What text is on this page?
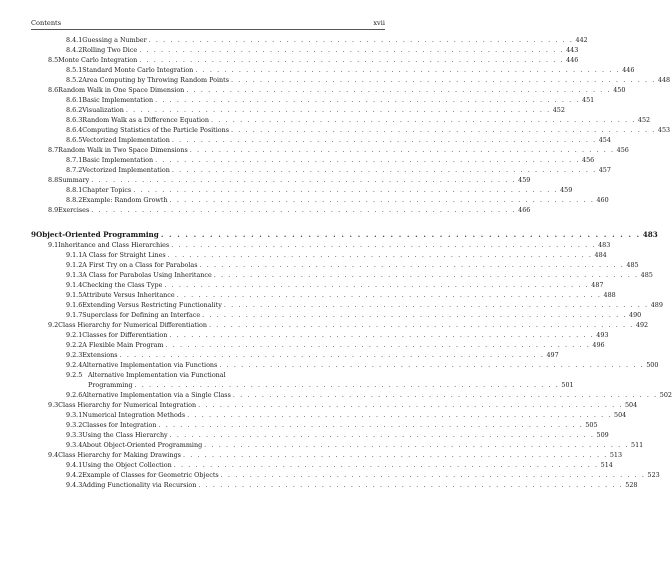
Contents	xvii
8.4.1 Guessing a Number . . . . . . . . . . . . . . . . . . . . . . . . . . . . . . . . . . . . . . . . . . . . . . . . . . . . . . . . . . . 442
8.4.2 Rolling Two Dice . . . . . . . . . . . . . . . . . . . . . . . . . . . . . . . . . . . . . . . . . . . . . . . . . . . . . . . . . . . 443
8.5 Monte Carlo Integration . . . . . . . . . . . . . . . . . . . . . . . . . . . . . . . . . . . . . . . . . . . . . . . . . . . . . . . . . . . 446
8.5.1 Standard Monte Carlo Integration . . . . . . . . . . . . . . . . . . . . . . . . . . . . . . . . . . . . . . . . . . . . . . . . . . . . . . . . . . . 446
8.5.2 Area Computing by Throwing Random Points . . . . . . . . . . . . . . . . . . . . . . . . . . . . . . . . . . . . . . . . . . . . . . . . . . . . . . . . . . . 448
8.6 Random Walk in One Space Dimension . . . . . . . . . . . . . . . . . . . . . . . . . . . . . . . . . . . . . . . . . . . . . . . . . . . . . . . . . . . 450
8.6.1 Basic Implementation . . . . . . . . . . . . . . . . . . . . . . . . . . . . . . . . . . . . . . . . . . . . . . . . . . . . . . . . . . . 451
8.6.2 Visualization . . . . . . . . . . . . . . . . . . . . . . . . . . . . . . . . . . . . . . . . . . . . . . . . . . . . . . . . . . . 452
8.6.3 Random Walk as a Difference Equation . . . . . . . . . . . . . . . . . . . . . . . . . . . . . . . . . . . . . . . . . . . . . . . . . . . . . . . . . . . 452
8.6.4 Computing Statistics of the Particle Positions . . . . . . . . . . . . . . . . . . . . . . . . . . . . . . . . . . . . . . . . . . . . . . . . . . . . . . . . . . . 453
8.6.5 Vectorized Implementation . . . . . . . . . . . . . . . . . . . . . . . . . . . . . . . . . . . . . . . . . . . . . . . . . . . . . . . . . . . 454
8.7 Random Walk in Two Space Dimensions . . . . . . . . . . . . . . . . . . . . . . . . . . . . . . . . . . . . . . . . . . . . . . . . . . . . . . . . . . . 456
8.7.1 Basic Implementation . . . . . . . . . . . . . . . . . . . . . . . . . . . . . . . . . . . . . . . . . . . . . . . . . . . . . . . . . . . 456
8.7.2 Vectorized Implementation . . . . . . . . . . . . . . . . . . . . . . . . . . . . . . . . . . . . . . . . . . . . . . . . . . . . . . . . . . . 457
8.8 Summary . . . . . . . . . . . . . . . . . . . . . . . . . . . . . . . . . . . . . . . . . . . . . . . . . . . . . . . . . . . 459
8.8.1 Chapter Topics . . . . . . . . . . . . . . . . . . . . . . . . . . . . . . . . . . . . . . . . . . . . . . . . . . . . . . . . . . . 459
8.8.2 Example: Random Growth . . . . . . . . . . . . . . . . . . . . . . . . . . . . . . . . . . . . . . . . . . . . . . . . . . . . . . . . . . . 460
8.9 Exercises . . . . . . . . . . . . . . . . . . . . . . . . . . . . . . . . . . . . . . . . . . . . . . . . . . . . . . . . . . . 466
9 Object-Oriented Programming . . . . . . . . . . . . . . . . . . . . . . . . . . . . . . . . . . . . . . . . . . . . . . . . . . . . . . . . . . . 483
9.1 Inheritance and Class Hierarchies . . . . . . . . . . . . . . . . . . . . . . . . . . . . . . . . . . . . . . . . . . . . . . . . . . . . . . . . . . . 483
9.1.1 A Class for Straight Lines . . . . . . . . . . . . . . . . . . . . . . . . . . . . . . . . . . . . . . . . . . . . . . . . . . . . . . . . . . . 484
9.1.2 A First Try on a Class for Parabolas . . . . . . . . . . . . . . . . . . . . . . . . . . . . . . . . . . . . . . . . . . . . . . . . . . . . . . . . . . . 485
9.1.3 A Class for Parabolas Using Inheritance . . . . . . . . . . . . . . . . . . . . . . . . . . . . . . . . . . . . . . . . . . . . . . . . . . . . . . . . . . . 485
9.1.4 Checking the Class Type . . . . . . . . . . . . . . . . . . . . . . . . . . . . . . . . . . . . . . . . . . . . . . . . . . . . . . . . . . . 487
9.1.5 Attribute Versus Inheritance . . . . . . . . . . . . . . . . . . . . . . . . . . . . . . . . . . . . . . . . . . . . . . . . . . . . . . . . . . . 488
9.1.6 Extending Versus Restricting Functionality . . . . . . . . . . . . . . . . . . . . . . . . . . . . . . . . . . . . . . . . . . . . . . . . . . . . . . . . . . . 489
9.1.7 Superclass for Defining an Interface . . . . . . . . . . . . . . . . . . . . . . . . . . . . . . . . . . . . . . . . . . . . . . . . . . . . . . . . . . . 490
9.2 Class Hierarchy for Numerical Differentiation . . . . . . . . . . . . . . . . . . . . . . . . . . . . . . . . . . . . . . . . . . . . . . . . . . . . . . . . . . . 492
9.2.1 Classes for Differentiation . . . . . . . . . . . . . . . . . . . . . . . . . . . . . . . . . . . . . . . . . . . . . . . . . . . . . . . . . . . 493
9.2.2 A Flexible Main Program . . . . . . . . . . . . . . . . . . . . . . . . . . . . . . . . . . . . . . . . . . . . . . . . . . . . . . . . . . . 496
9.2.3 Extensions . . . . . . . . . . . . . . . . . . . . . . . . . . . . . . . . . . . . . . . . . . . . . . . . . . . . . . . . . . . 497
9.2.4 Alternative Implementation via Functions . . . . . . . . . . . . . . . . . . . . . . . . . . . . . . . . . . . . . . . . . . . . . . . . . . . . . . . . . . . 500
9.2.5 Alternative Implementation via Functional
Programming . . . . . . . . . . . . . . . . . . . . . . . . . . . . . . . . . . . . . . . . . . . . . . . . . . . . . . . . . . . 501
9.2.6 Alternative Implementation via a Single Class . . . . . . . . . . . . . . . . . . . . . . . . . . . . . . . . . . . . . . . . . . . . . . . . . . . . . . . . . . . 502
9.3 Class Hierarchy for Numerical Integration . . . . . . . . . . . . . . . . . . . . . . . . . . . . . . . . . . . . . . . . . . . . . . . . . . . . . . . . . . . 504
9.3.1 Numerical Integration Methods . . . . . . . . . . . . . . . . . . . . . . . . . . . . . . . . . . . . . . . . . . . . . . . . . . . . . . . . . . . 504
9.3.2 Classes for Integration . . . . . . . . . . . . . . . . . . . . . . . . . . . . . . . . . . . . . . . . . . . . . . . . . . . . . . . . . . . 505
9.3.3 Using the Class Hierarchy . . . . . . . . . . . . . . . . . . . . . . . . . . . . . . . . . . . . . . . . . . . . . . . . . . . . . . . . . . . 509
9.3.4 About Object-Oriented Programming . . . . . . . . . . . . . . . . . . . . . . . . . . . . . . . . . . . . . . . . . . . . . . . . . . . . . . . . . . . 511
9.4 Class Hierarchy for Making Drawings . . . . . . . . . . . . . . . . . . . . . . . . . . . . . . . . . . . . . . . . . . . . . . . . . . . . . . . . . . . 513
9.4.1 Using the Object Collection . . . . . . . . . . . . . . . . . . . . . . . . . . . . . . . . . . . . . . . . . . . . . . . . . . . . . . . . . . . 514
9.4.2 Example of Classes for Geometric Objects . . . . . . . . . . . . . . . . . . . . . . . . . . . . . . . . . . . . . . . . . . . . . . . . . . . . . . . . . . . 523
9.4.3 Adding Functionality via Recursion . . . . . . . . . . . . . . . . . . . . . . . . . . . . . . . . . . . . . . . . . . . . . . . . . . . . . . . . . . . 528
